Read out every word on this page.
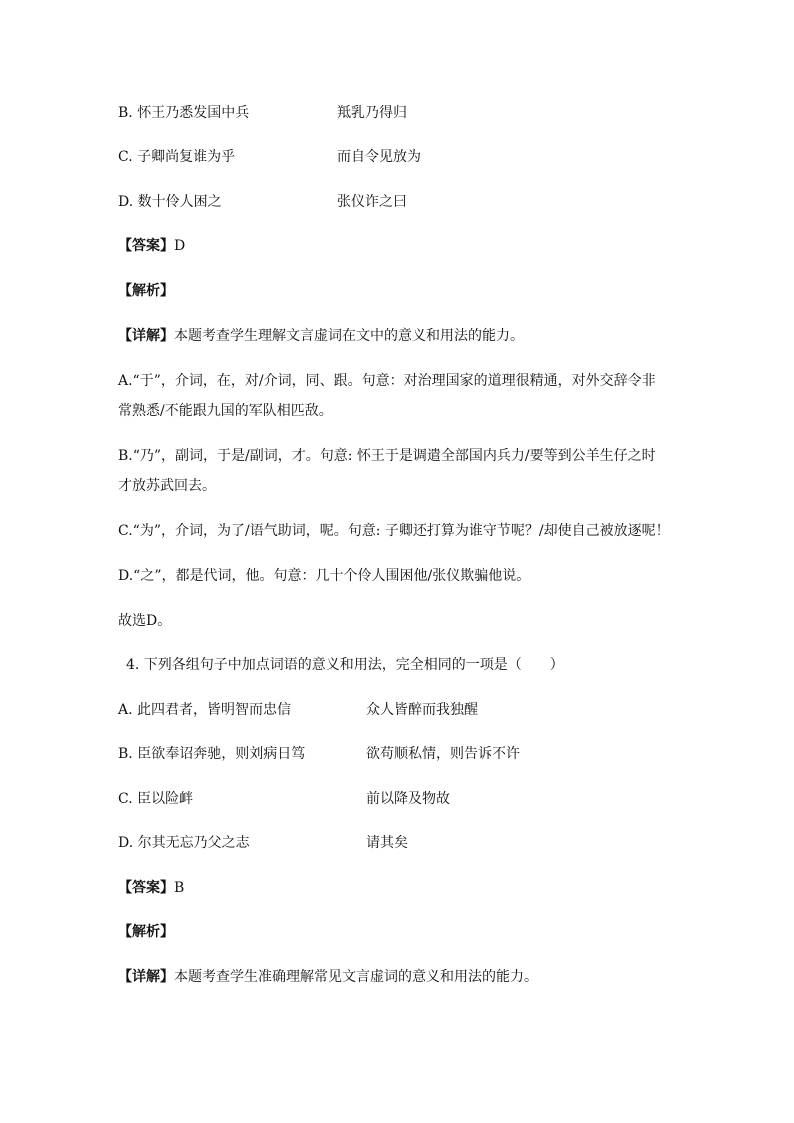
B. 怀王乃悉发国中兵	羝乳乃得归
C. 子卿尚复谁为乎	而自令见放为
D. 数十伶人困之	张仪诈之曰
【答案】D
【解析】
【详解】本题考查学生理解文言虚词在文中的意义和用法的能力。
A.“于”，介词，在，对/介词，同、跟。句意：对治理国家的道理很精通，对外交辞令非
常熟悉/不能跟九国的军队相匹敌。
B.“乃”，副词，于是/副词，才。句意: 怀王于是调遣全部国内兵力/要等到公羊生仔之时
才放苏武回去。
C.“为”，介词，为了/语气助词，呢。句意: 子卿还打算为谁守节呢？/却使自己被放逐呢！
D.“之”，都是代词，他。句意：几十个伶人围困他/张仪欺骗他说。
故选D。
4. 下列各组句子中加点词语的意义和用法，完全相同的一项是（　　）
A. 此四君者，皆明智而忠信	众人皆醉而我独醒
B. 臣欲奉诏奔驰，则刘病日笃	欲苟顺私情，则告诉不许
C. 臣以险衅	前以降及物故
D. 尔其无忘乃父之志	请其矣
【答案】B
【解析】
【详解】本题考查学生准确理解常见文言虚词的意义和用法的能力。
